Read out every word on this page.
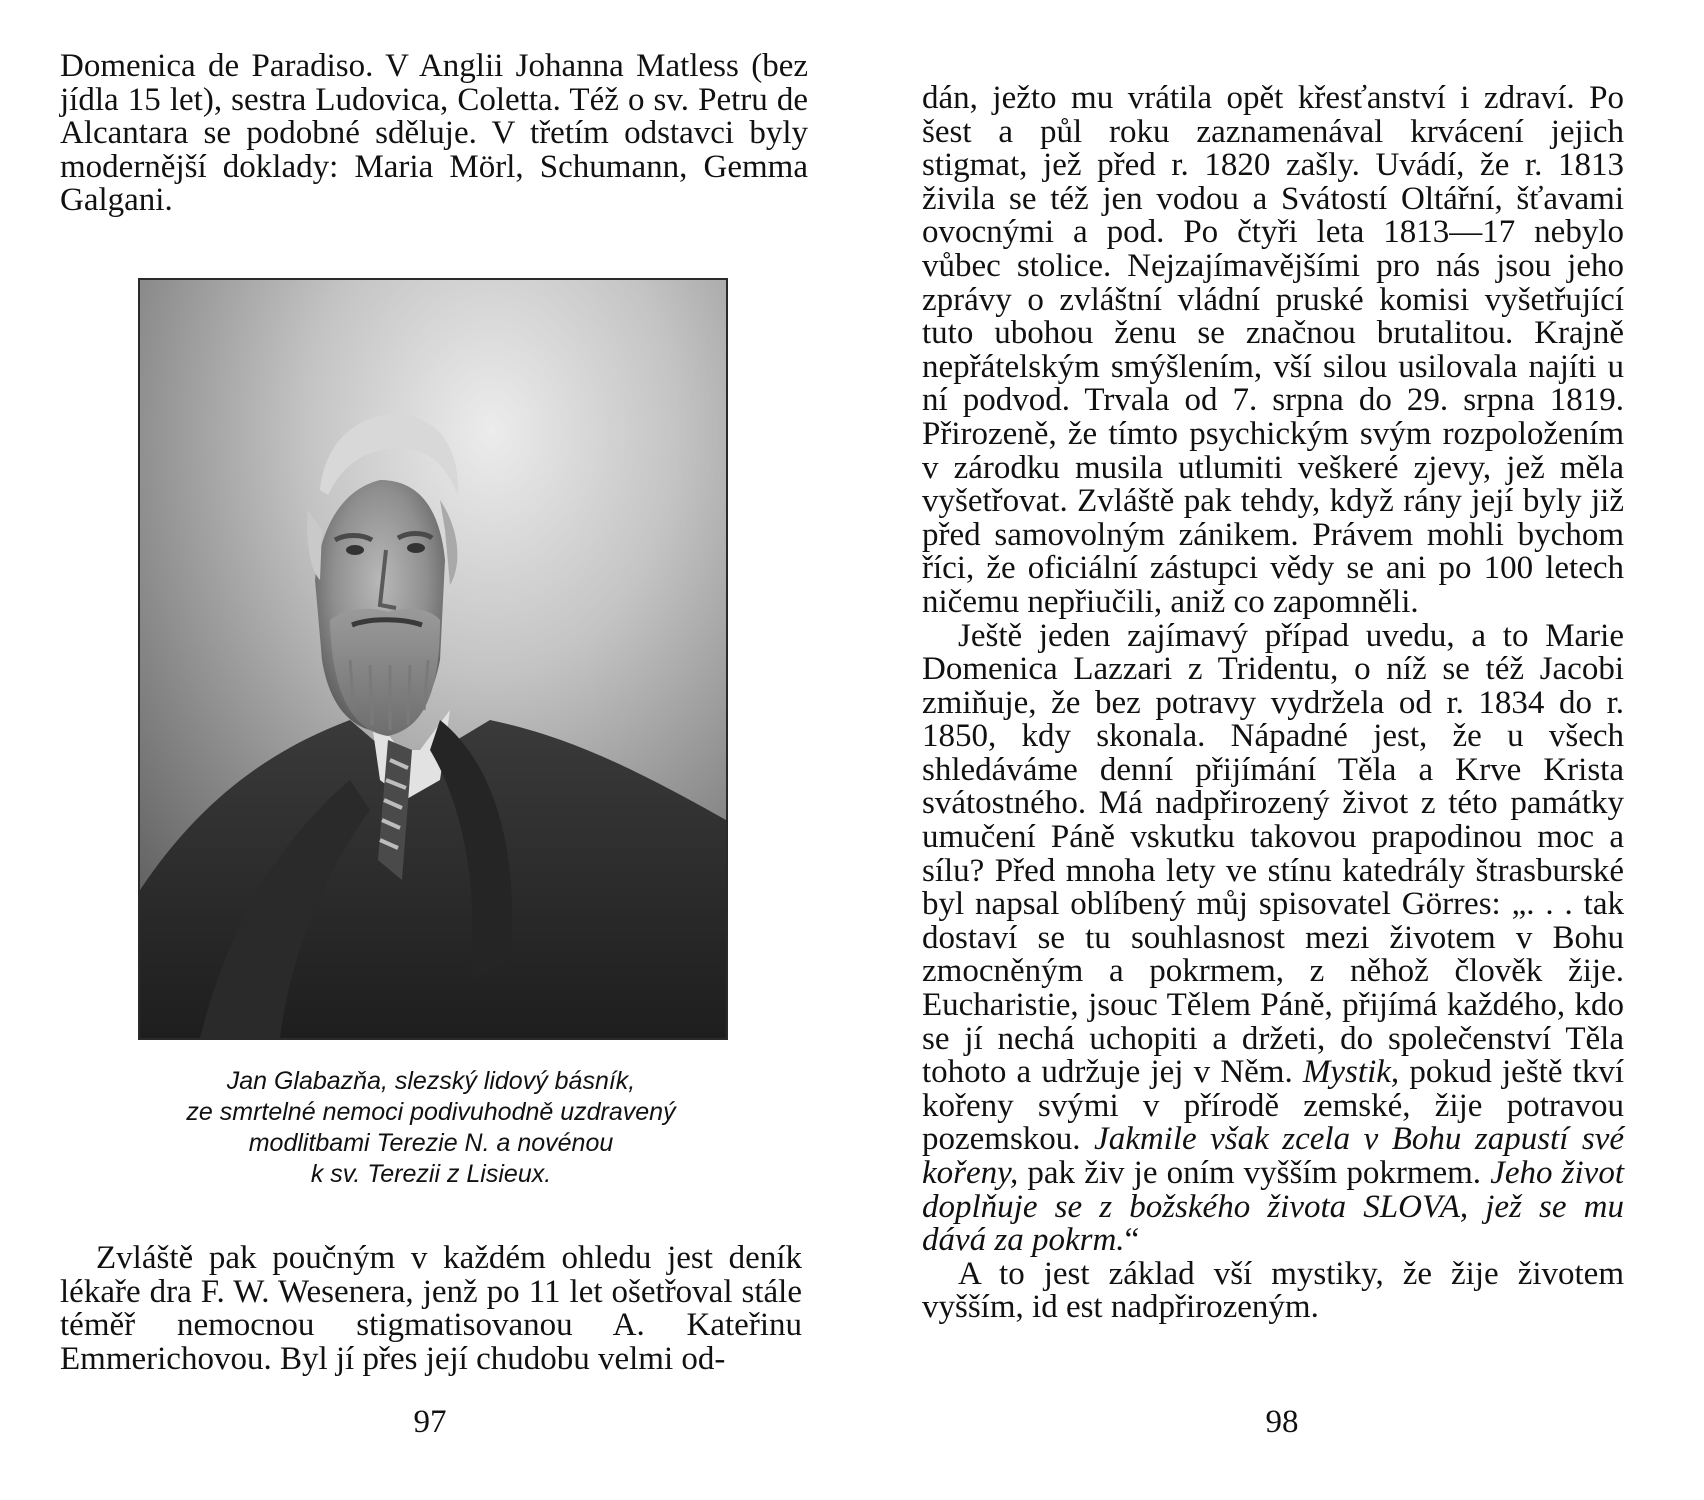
Domenica de Paradiso. V Anglii Johanna Matless (bez jídla 15 let), sestra Ludovica, Coletta. Též o sv. Petru de Alcantara se podobné sděluje. V třetím odstavci byly modernější doklady: Maria Mörl, Schumann, Gemma Galgani.

Jan Glabazňa, slezský lidový básník,
ze smrtelné nemoci podivuhodně uzdravený
modlitbami Terezie N. a novénou
k sv. Terezii z Lisieux.

Zvláště pak poučným v každém ohledu jest deník lékaře dra F. W. Wesenera, jenž po 11 let ošetřoval stále téměř nemocnou stigmatisovanou A. Kateřinu Emmerichovou. Byl jí přes její chudobu velmi od-

97

dán, ježto mu vrátila opět křesťanství i zdraví. Po šest a půl roku zaznamenával krvácení jejich stigmat, jež před r. 1820 zašly. Uvádí, že r. 1813 živila se též jen vodou a Svátostí Oltářní, šťavami ovocnými a pod. Po čtyři leta 1813—17 nebylo vůbec stolice. Nejzajímavějšími pro nás jsou jeho zprávy o zvláštní vládní pruské komisi vyšetřující tuto ubohou ženu se značnou brutalitou. Krajně nepřátelským smýšlením, vší silou usilovala najíti u ní podvod. Trvala od 7. srpna do 29. srpna 1819. Přirozeně, že tímto psychickým svým rozpoložením v zárodku musila utlumiti veškeré zjevy, jež měla vyšetřovat. Zvláště pak tehdy, když rány její byly již před samovolným zánikem. Právem mohli bychom říci, že oficiální zástupci vědy se ani po 100 letech ničemu nepřiučili, aniž co zapomněli.

Ještě jeden zajímavý případ uvedu, a to Marie Domenica Lazzari z Tridentu, o níž se též Jacobi zmiňuje, že bez potravy vydržela od r. 1834 do r. 1850, kdy skonala. Nápadné jest, že u všech shledáváme denní přijímání Těla a Krve Krista svátostného. Má nadpřirozený život z této památky umučení Páně vskutku takovou prapodinou moc a sílu? Před mnoha lety ve stínu katedrály štrasburské byl napsal oblíbený můj spisovatel Görres: „. . . tak dostaví se tu souhlasnost mezi životem v Bohu zmocněným a pokrmem, z něhož člověk žije. Eucharistie, jsouc Tělem Páně, přijímá každého, kdo se jí nechá uchopiti a držeti, do společenství Těla tohoto a udržuje jej v Něm. Mystik, pokud ještě tkví kořeny svými v přírodě zemské, žije potravou pozemskou. Jakmile však zcela v Bohu zapustí své kořeny, pak živ je oním vyšším pokrmem. Jeho život doplňuje se z božského života SLOVA, jež se mu dává za pokrm.“

A to jest základ vší mystiky, že žije životem vyšším, id est nadpřirozeným.

98
